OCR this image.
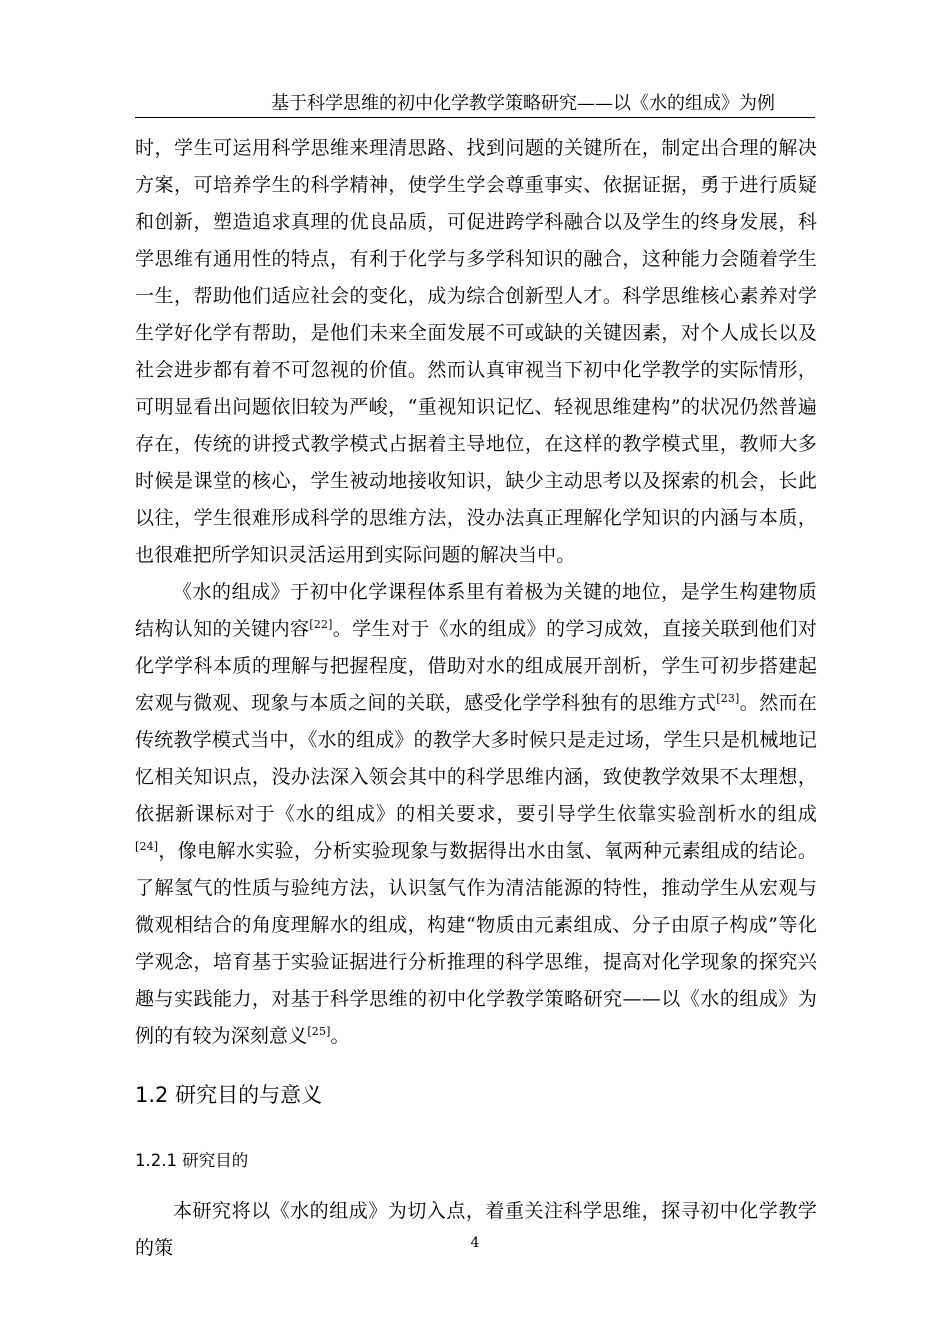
基于科学思维的初中化学教学策略研究——以《水的组成》为例

时，学生可运用科学思维来理清思路、找到问题的关键所在，制定出合理的解决方案，可培养学生的科学精神，使学生学会尊重事实、依据证据，勇于进行质疑和创新，塑造追求真理的优良品质，可促进跨学科融合以及学生的终身发展，科学思维有通用性的特点，有利于化学与多学科知识的融合，这种能力会随着学生一生，帮助他们适应社会的变化，成为综合创新型人才。科学思维核心素养对学生学好化学有帮助，是他们未来全面发展不可或缺的关键因素，对个人成长以及社会进步都有着不可忽视的价值。然而认真审视当下初中化学教学的实际情形，可明显看出问题依旧较为严峻，“重视知识记忆、轻视思维建构”的状况仍然普遍存在，传统的讲授式教学模式占据着主导地位，在这样的教学模式里，教师大多时候是课堂的核心，学生被动地接收知识，缺少主动思考以及探索的机会，长此以往，学生很难形成科学的思维方法，没办法真正理解化学知识的内涵与本质，也很难把所学知识灵活运用到实际问题的解决当中。

《水的组成》于初中化学课程体系里有着极为关键的地位，是学生构建物质结构认知的关键内容[22]。学生对于《水的组成》的学习成效，直接关联到他们对化学学科本质的理解与把握程度，借助对水的组成展开剖析，学生可初步搭建起宏观与微观、现象与本质之间的关联，感受化学学科独有的思维方式[23]。然而在传统教学模式当中，《水的组成》的教学大多时候只是走过场，学生只是机械地记忆相关知识点，没办法深入领会其中的科学思维内涵，致使教学效果不太理想，依据新课标对于《水的组成》的相关要求，要引导学生依靠实验剖析水的组成[24]，像电解水实验，分析实验现象与数据得出水由氢、氧两种元素组成的结论。了解氢气的性质与验纯方法，认识氢气作为清洁能源的特性，推动学生从宏观与微观相结合的角度理解水的组成，构建“物质由元素组成、分子由原子构成”等化学观念，培育基于实验证据进行分析推理的科学思维，提高对化学现象的探究兴趣与实践能力，对基于科学思维的初中化学教学策略研究——以《水的组成》为例的有较为深刻意义[25]。

1.2 研究目的与意义
1.2.1 研究目的

本研究将以《水的组成》为切入点，着重关注科学思维，探寻初中化学教学的策	4
